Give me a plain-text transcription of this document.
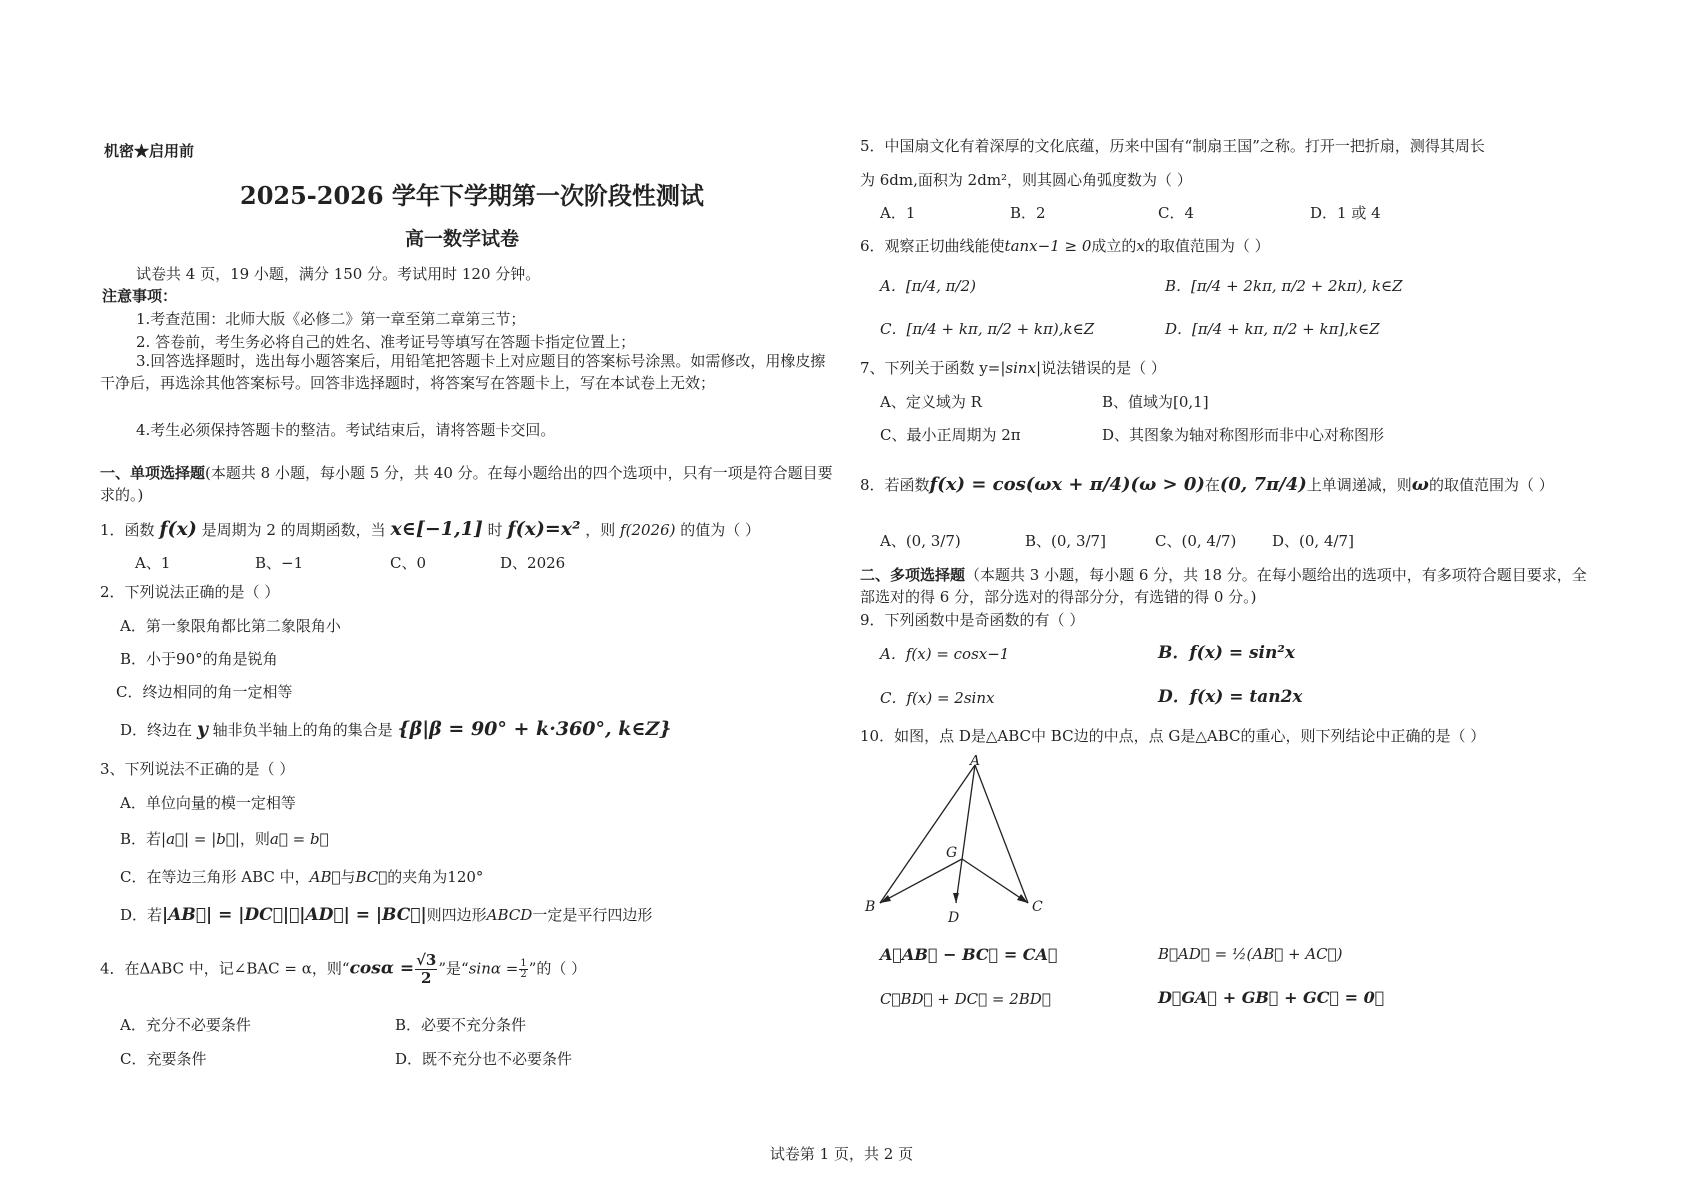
机密★启用前
2025-2026 学年下学期第一次阶段性测试
高一数学试卷
试卷共 4 页，19 小题，满分 150 分。考试用时 120 分钟。
注意事项：
1.考查范围：北师大版《必修二》第一章至第二章第三节；
2. 答卷前，考生务必将自己的姓名、准考证号等填写在答题卡指定位置上；
3.回答选择题时，选出每小题答案后，用铅笔把答题卡上对应题目的答案标号涂黑。如需修改，用橡皮擦干净后，再选涂其他答案标号。回答非选择题时，将答案写在答题卡上，写在本试卷上无效；
4.考生必须保持答题卡的整洁。考试结束后，请将答题卡交回。
一、单项选择题(本题共 8 小题，每小题 5 分，共 40 分。在每小题给出的四个选项中，只有一项是符合题目要求的。)
1．函数 f(x) 是周期为 2 的周期函数，当 x∈[−1,1] 时 f(x)=x² ，则 f(2026) 的值为（ ）
A、1	B、−1	C、0	D、2026
2．下列说法正确的是（ ）
A．第一象限角都比第二象限角小
B．小于90°的角是锐角
C．终边相同的角一定相等
D．终边在 y 轴非负半轴上的角的集合是 {β|β = 90° + k·360°, k∈Z}
3、下列说法不正确的是（ ）
A．单位向量的模一定相等
B．若|a⃗| = |b⃗|，则a⃗ = b⃗
C．在等边三角形 ABC 中，AB⃗与BC⃗的夹角为120°
D．若|AB⃗| = |DC⃗|，|AD⃗| = |BC⃗|则四边形ABCD一定是平行四边形
4．在ΔABC 中，记∠BAC = α，则“$\cos\alpha = \frac{√3}{2}$ ”是“$\sin\alpha = \frac{1}{2}$ ”的（ ）
A．充分不必要条件	B．必要不充分条件
C．充要条件	D．既不充分也不必要条件
5．中国扇文化有着深厚的文化底蕴，历来中国有“制扇王国”之称。打开一把折扇，测得其周长
为 6dm,面积为 2dm²，则其圆心角弧度数为（ ）
A．1	B．2	C．4	D．1 或 4
6．观察正切曲线能使tanx−1 ≥ 0成立的x的取值范围为（ ）
A．[π/4, π/2)	B．[π/4 + 2kπ, π/2 + 2kπ), k∈Z
C．[π/4 + kπ, π/2 + kπ),k∈Z	D．[π/4 + kπ, π/2 + kπ],k∈Z
7、下列关于函数 y=|sinx|说法错误的是（ ）
A、定义域为 R	B、值域为[0,1]
C、最小正周期为 2π	D、其图象为轴对称图形而非中心对称图形
8．若函数f(x) = cos(ωx + π/4)(ω > 0)在(0, 7π/4)上单调递减，则ω的取值范围为（ ）
A、(0, 3/7)	B、(0, 3/7]	C、(0, 4/7) D、(0, 4/7]
二、多项选择题（本题共 3 小题，每小题 6 分，共 18 分。在每小题给出的选项中，有多项符合题目要求，全部选对的得 6 分，部分选对的得部分分，有选错的得 0 分。)
9．下列函数中是奇函数的有（ ）
A．f(x) = cosx−1	B．f(x) = sin²x
C．f(x) = 2sinx	D．f(x) = tan2x
10．如图，点 D是△ABC中 BC边的中点，点 G是△ABC的重心，则下列结论中正确的是（ ）
A
B	C
D
G
A．AB⃗ − BC⃗ = CA⃗	B．AD⃗ = ½(AB⃗ + AC⃗)
C．BD⃗ + DC⃗ = 2BD⃗	D．GA⃗ + GB⃗ + GC⃗ = 0⃗
试卷第 1 页，共 2 页
